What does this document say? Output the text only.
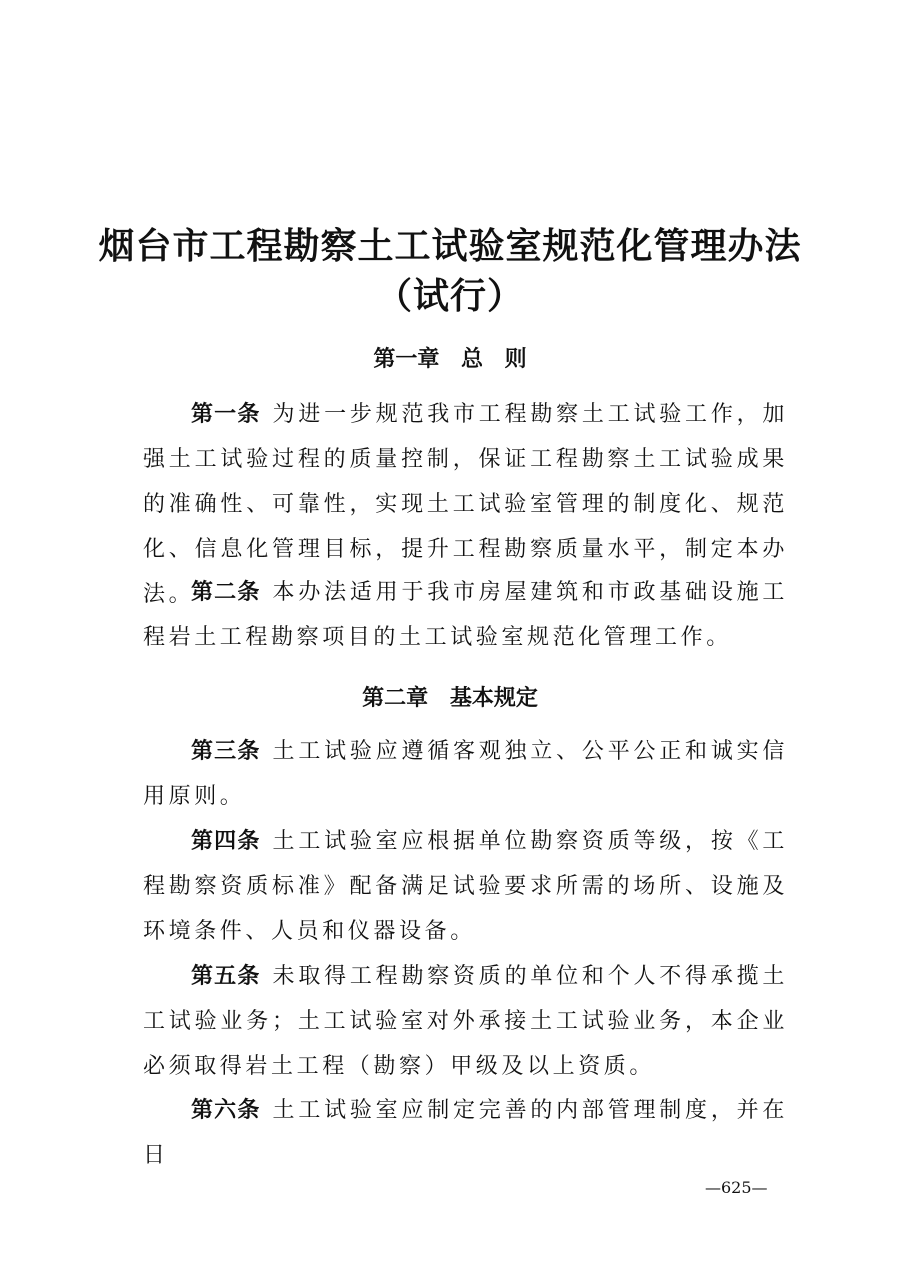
烟台市工程勘察土工试验室规范化管理办法
（试行）
第一章 总 则

第一条 为进一步规范我市工程勘察土工试验工作，加强土工试验过程的质量控制，保证工程勘察土工试验成果的准确性、可靠性，实现土工试验室管理的制度化、规范化、信息化管理目标，提升工程勘察质量水平，制定本办法。

第二条 本办法适用于我市房屋建筑和市政基础设施工程岩土工程勘察项目的土工试验室规范化管理工作。

第二章 基本规定

第三条 土工试验应遵循客观独立、公平公正和诚实信用原则。

第四条 土工试验室应根据单位勘察资质等级，按《工程勘察资质标准》配备满足试验要求所需的场所、设施及环境条件、人员和仪器设备。

第五条 未取得工程勘察资质的单位和个人不得承揽土工试验业务；土工试验室对外承接土工试验业务，本企业必须取得岩土工程（勘察）甲级及以上资质。

第六条 土工试验室应制定完善的内部管理制度，并在日

—625—
